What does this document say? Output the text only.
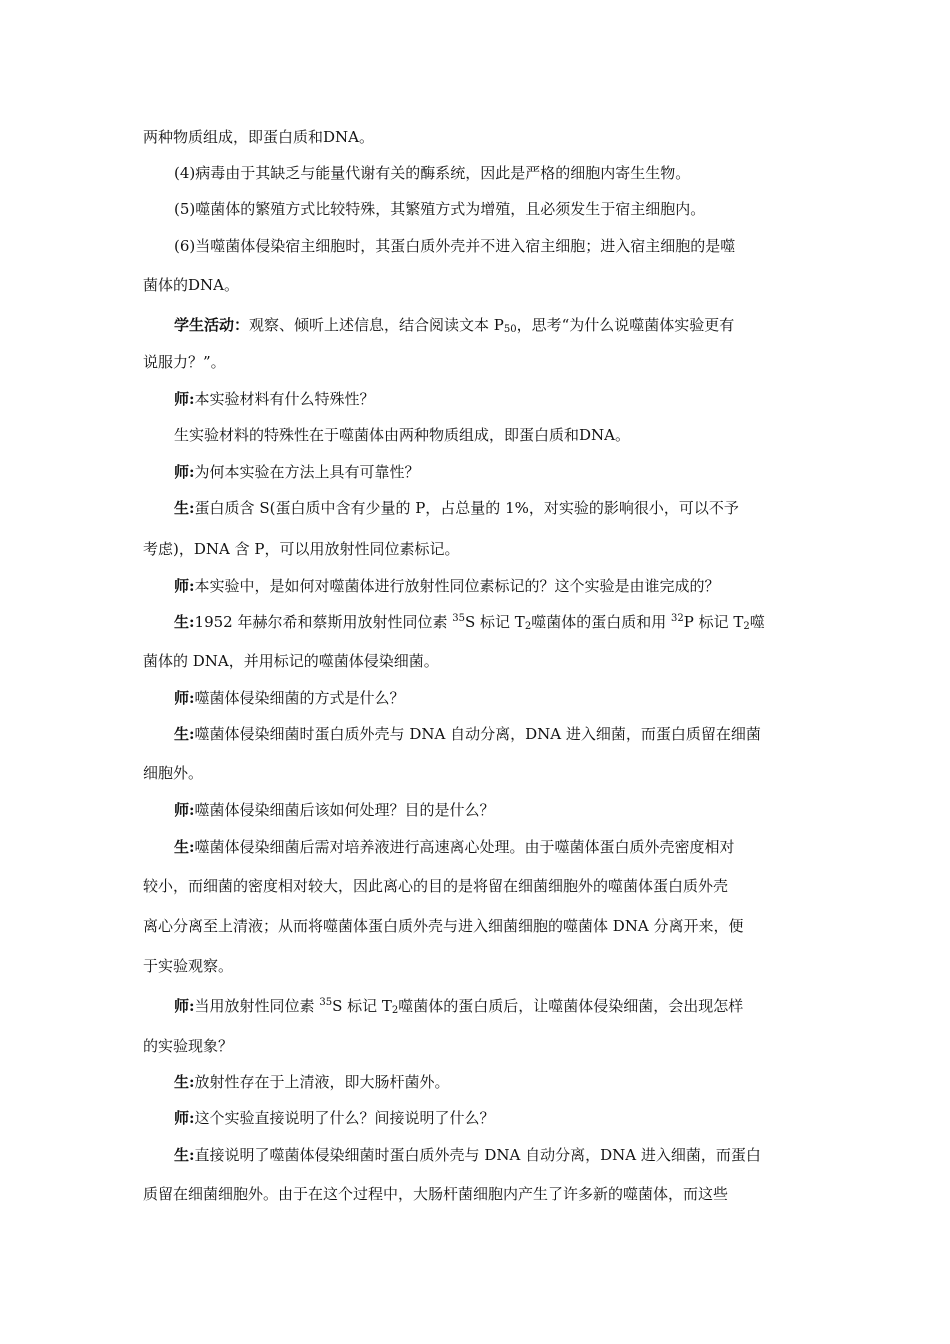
两种物质组成，即蛋白质和DNA。
(4)病毒由于其缺乏与能量代谢有关的酶系统，因此是严格的细胞内寄生生物。
(5)噬菌体的繁殖方式比较特殊，其繁殖方式为增殖，且必须发生于宿主细胞内。
(6)当噬菌体侵染宿主细胞时，其蛋白质外壳并不进入宿主细胞；进入宿主细胞的是噬
菌体的DNA。
学生活动：观察、倾听上述信息，结合阅读文本 $P_{50}$，思考“为什么说噬菌体实验更有
说服力？”。
师:本实验材料有什么特殊性？
生实验材料的特殊性在于噬菌体由两种物质组成，即蛋白质和DNA。
师:为何本实验在方法上具有可靠性？
生:蛋白质含 S(蛋白质中含有少量的 P，占总量的 1%，对实验的影响很小，可以不予
考虑)，DNA 含 P，可以用放射性同位素标记。
师:本实验中，是如何对噬菌体进行放射性同位素标记的？这个实验是由谁完成的？
生:1952 年赫尔希和蔡斯用放射性同位素 $^{35}$S 标记 $T_2$噬菌体的蛋白质和用 $^{32}$P 标记 $T_2$噬
菌体的 DNA，并用标记的噬菌体侵染细菌。
师:噬菌体侵染细菌的方式是什么？
生:噬菌体侵染细菌时蛋白质外壳与 DNA 自动分离，DNA 进入细菌，而蛋白质留在细菌
细胞外。
师:噬菌体侵染细菌后该如何处理？目的是什么？
生:噬菌体侵染细菌后需对培养液进行高速离心处理。由于噬菌体蛋白质外壳密度相对
较小，而细菌的密度相对较大，因此离心的目的是将留在细菌细胞外的噬菌体蛋白质外壳
离心分离至上清液；从而将噬菌体蛋白质外壳与进入细菌细胞的噬菌体 DNA 分离开来，便
于实验观察。
师:当用放射性同位素 $^{35}$S 标记 $T_2$噬菌体的蛋白质后，让噬菌体侵染细菌，会出现怎样
的实验现象？
生:放射性存在于上清液，即大肠杆菌外。
师:这个实验直接说明了什么？间接说明了什么？
生:直接说明了噬菌体侵染细菌时蛋白质外壳与 DNA 自动分离，DNA 进入细菌，而蛋白
质留在细菌细胞外。由于在这个过程中，大肠杆菌细胞内产生了许多新的噬菌体，而这些
